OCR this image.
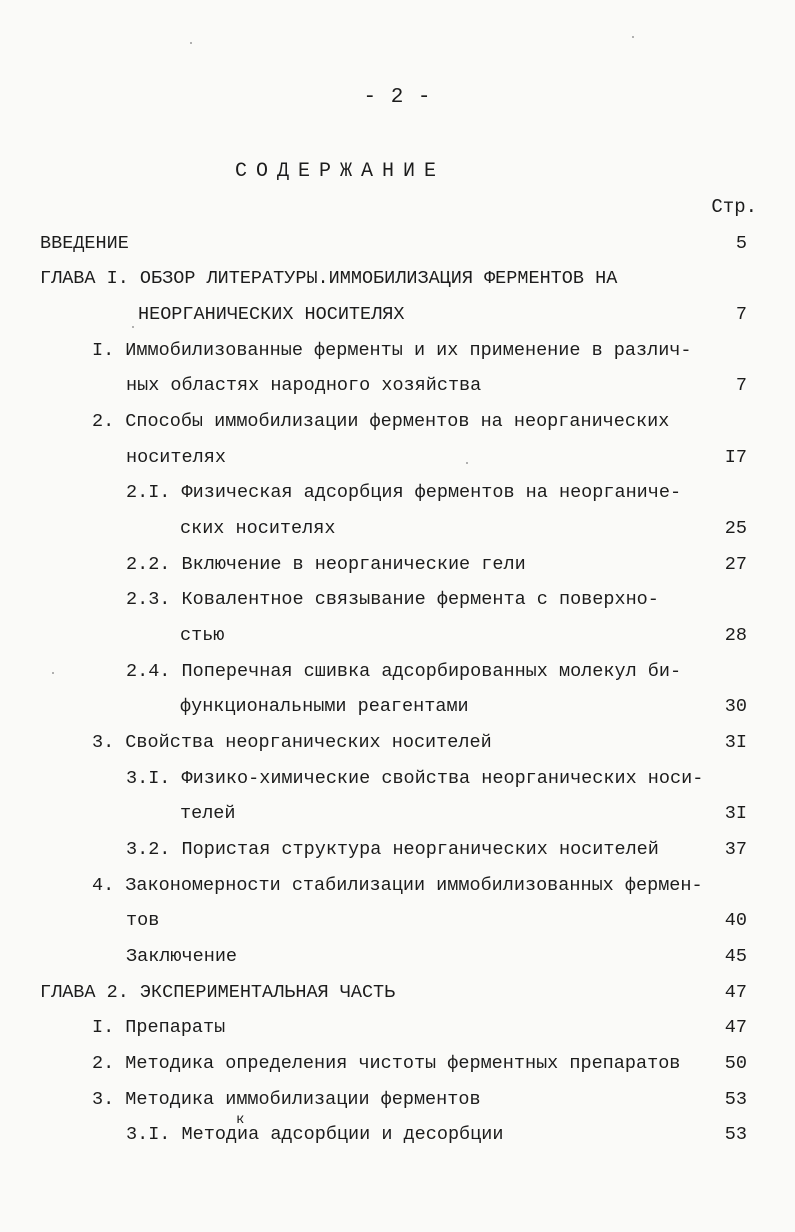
- 2 -
СОДЕРЖАНИЕ
Стр.
ВВЕДЕНИЕ	5
ГЛАВА I. ОБЗОР ЛИТЕРАТУРЫ.ИММОБИЛИЗАЦИЯ ФЕРМЕНТОВ НА
НЕОРГАНИЧЕСКИХ НОСИТЕЛЯХ	7
I. Иммобилизованные ферменты и их применение в различ-
ных областях народного хозяйства	7
2. Способы иммобилизации ферментов на неорганических
носителях	I7
2.I. Физическая адсорбция ферментов на неорганиче-
ских носителях	25
2.2. Включение в неорганические гели	27
2.3. Ковалентное связывание фермента с поверхно-
стью	28
2.4. Поперечная сшивка адсорбированных молекул би-
функциональными реагентами	30
3. Свойства неорганических носителей	3I
3.I. Физико-химические свойства неорганических носи-
телей	3I
3.2. Пористая структура неорганических носителей	37
4. Закономерности стабилизации иммобилизованных фермен-
тов	40
Заключение	45
ГЛАВА 2. ЭКСПЕРИМЕНТАЛЬНАЯ ЧАСТЬ	47
I. Препараты	47
2. Методика определения чистоты ферментных препаратов 50
3. Методика иммобилизации ферментов	53
3.I. Методиа адсорбции и десорбции	53
к
